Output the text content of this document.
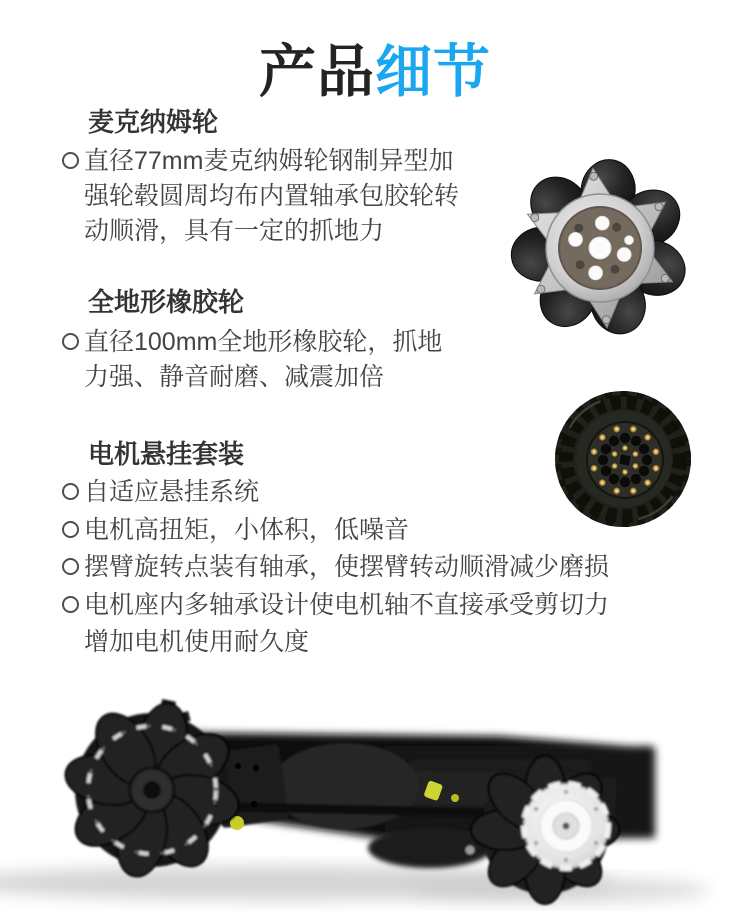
产品细节
麦克纳姆轮
直径77mm麦克纳姆轮钢制异型加强轮毂圆周均布内置轴承包胶轮转动顺滑，具有一定的抓地力
全地形橡胶轮
直径100mm全地形橡胶轮，抓地力强、静音耐磨、减震加倍
电机悬挂套装
自适应悬挂系统
电机高扭矩，小体积，低噪音
摆臂旋转点装有轴承，使摆臂转动顺滑减少磨损
电机座内多轴承设计使电机轴不直接承受剪切力增加电机使用耐久度
